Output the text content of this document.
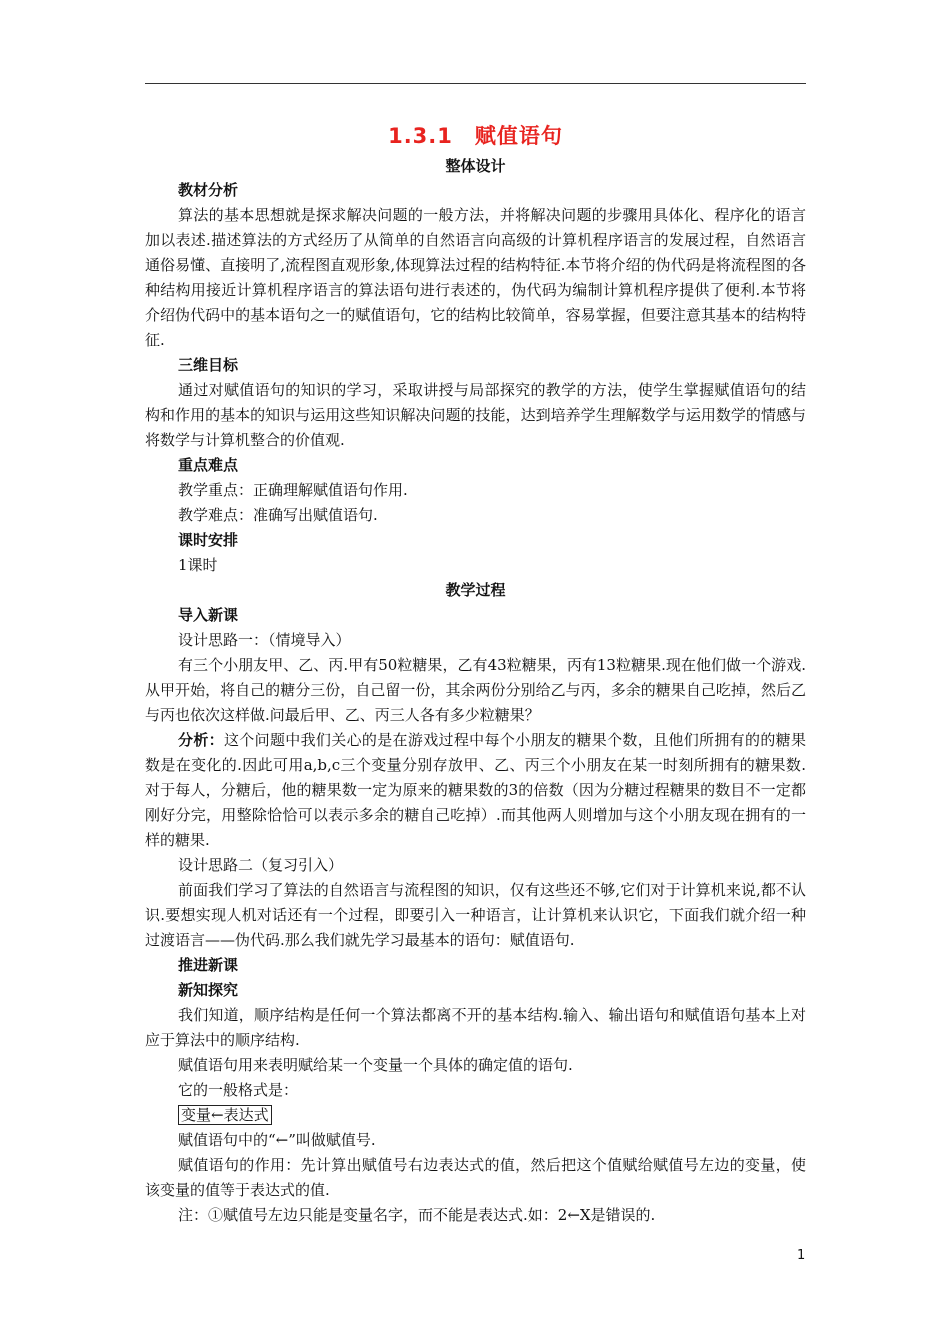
1.3.1　赋值语句
整体设计
教材分析

算法的基本思想就是探求解决问题的一般方法，并将解决问题的步骤用具体化、程序化的语言加以表述.描述算法的方式经历了从简单的自然语言向高级的计算机程序语言的发展过程，自然语言通俗易懂、直接明了,流程图直观形象,体现算法过程的结构特征.本节将介绍的伪代码是将流程图的各种结构用接近计算机程序语言的算法语句进行表述的，伪代码为编制计算机程序提供了便利.本节将介绍伪代码中的基本语句之一的赋值语句，它的结构比较简单，容易掌握，但要注意其基本的结构特征.

三维目标

通过对赋值语句的知识的学习，采取讲授与局部探究的教学的方法，使学生掌握赋值语句的结构和作用的基本的知识与运用这些知识解决问题的技能，达到培养学生理解数学与运用数学的情感与将数学与计算机整合的价值观.

重点难点

教学重点：正确理解赋值语句作用.

教学难点：准确写出赋值语句.

课时安排

1课时

教学过程
导入新课

设计思路一：（情境导入）

有三个小朋友甲、乙、丙.甲有50粒糖果，乙有43粒糖果，丙有13粒糖果.现在他们做一个游戏.从甲开始，将自己的糖分三份，自己留一份，其余两份分别给乙与丙，多余的糖果自己吃掉，然后乙与丙也依次这样做.问最后甲、乙、丙三人各有多少粒糖果？

分析：这个问题中我们关心的是在游戏过程中每个小朋友的糖果个数，且他们所拥有的的糖果数是在变化的.因此可用a,b,c三个变量分别存放甲、乙、丙三个小朋友在某一时刻所拥有的糖果数.对于每人，分糖后，他的糖果数一定为原来的糖果数的3的倍数（因为分糖过程糖果的数目不一定都刚好分完，用整除恰恰可以表示多余的糖自己吃掉）.而其他两人则增加与这个小朋友现在拥有的一样的糖果.

设计思路二（复习引入）

前面我们学习了算法的自然语言与流程图的知识，仅有这些还不够,它们对于计算机来说,都不认识.要想实现人机对话还有一个过程，即要引入一种语言，让计算机来认识它，下面我们就介绍一种过渡语言——伪代码.那么我们就先学习最基本的语句：赋值语句.

推进新课
新知探究

我们知道，顺序结构是任何一个算法都离不开的基本结构.输入、输出语句和赋值语句基本上对应于算法中的顺序结构.

赋值语句用来表明赋给某一个变量一个具体的确定值的语句.

它的一般格式是：

变量←表达式

赋值语句中的“←”叫做赋值号.

赋值语句的作用：先计算出赋值号右边表达式的值，然后把这个值赋给赋值号左边的变量，使该变量的值等于表达式的值.

注：①赋值号左边只能是变量名字，而不能是表达式.如：2←X是错误的.

1
